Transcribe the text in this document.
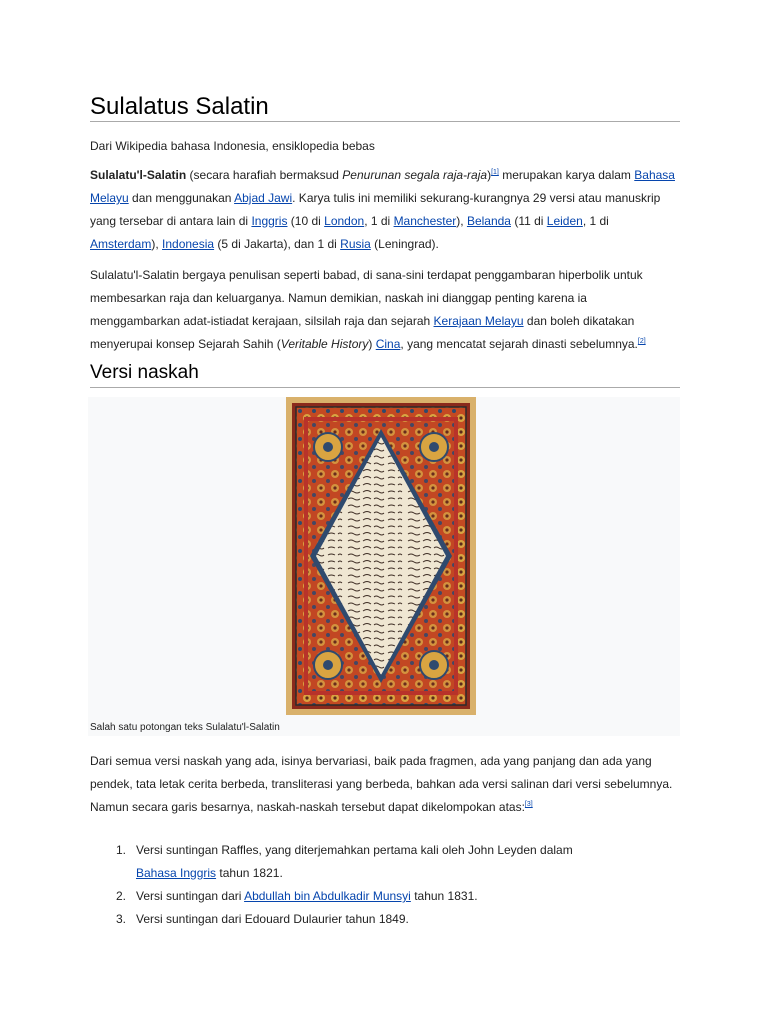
Sulalatus Salatin
Dari Wikipedia bahasa Indonesia, ensiklopedia bebas

Sulalatu'l-Salatin (secara harafiah bermaksud Penurunan segala raja-raja)[1] merupakan karya dalam Bahasa Melayu dan menggunakan Abjad Jawi. Karya tulis ini memiliki sekurang-kurangnya 29 versi atau manuskrip yang tersebar di antara lain di Inggris (10 di London, 1 di Manchester), Belanda (11 di Leiden, 1 di Amsterdam), Indonesia (5 di Jakarta), dan 1 di Rusia (Leningrad).

Sulalatu'l-Salatin bergaya penulisan seperti babad, di sana-sini terdapat penggambaran hiperbolik untuk membesarkan raja dan keluarganya. Namun demikian, naskah ini dianggap penting karena ia menggambarkan adat-istiadat kerajaan, silsilah raja dan sejarah Kerajaan Melayu dan boleh dikatakan menyerupai konsep Sejarah Sahih (Veritable History) Cina, yang mencatat sejarah dinasti sebelumnya.[2]

Versi naskah
Salah satu potongan teks Sulalatu'l-Salatin

Dari semua versi naskah yang ada, isinya bervariasi, baik pada fragmen, ada yang panjang dan ada yang pendek, tata letak cerita berbeda, transliterasi yang berbeda, bahkan ada versi salinan dari versi sebelumnya. Namun secara garis besarnya, naskah-naskah tersebut dapat dikelompokan atas:[3]

1. Versi suntingan Raffles, yang diterjemahkan pertama kali oleh John Leyden dalam Bahasa Inggris tahun 1821.
2. Versi suntingan dari Abdullah bin Abdulkadir Munsyi tahun 1831.
3. Versi suntingan dari Edouard Dulaurier tahun 1849.
